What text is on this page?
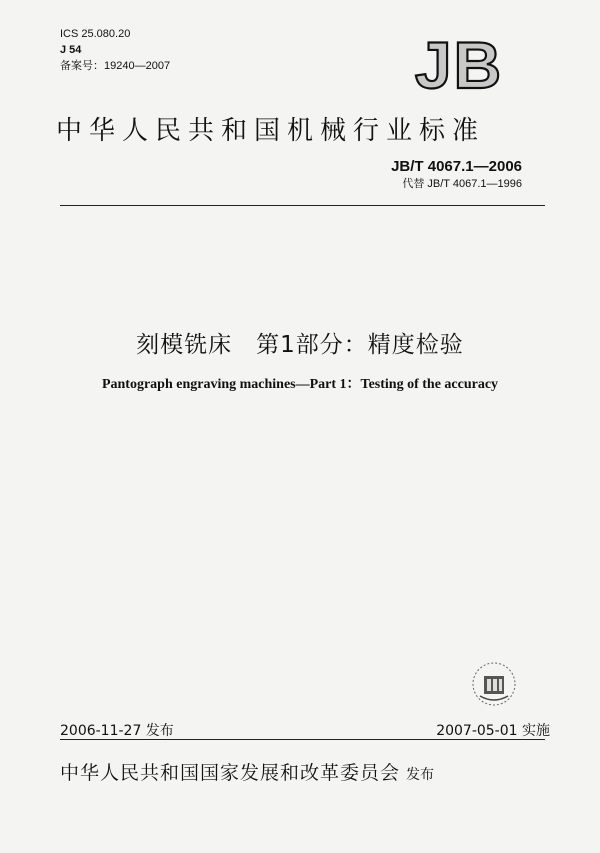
ICS 25.080.20
J 54
备案号：19240—2007	JB
中华人民共和国机械行业标准
JB/T 4067.1—2006
代替 JB/T 4067.1—1996
刻模铣床　第1部分：精度检验
Pantograph engraving machines—Part 1：Testing of the accuracy
2006-11-27 发布	2007-05-01 实施
中华人民共和国国家发展和改革委员会 发布
